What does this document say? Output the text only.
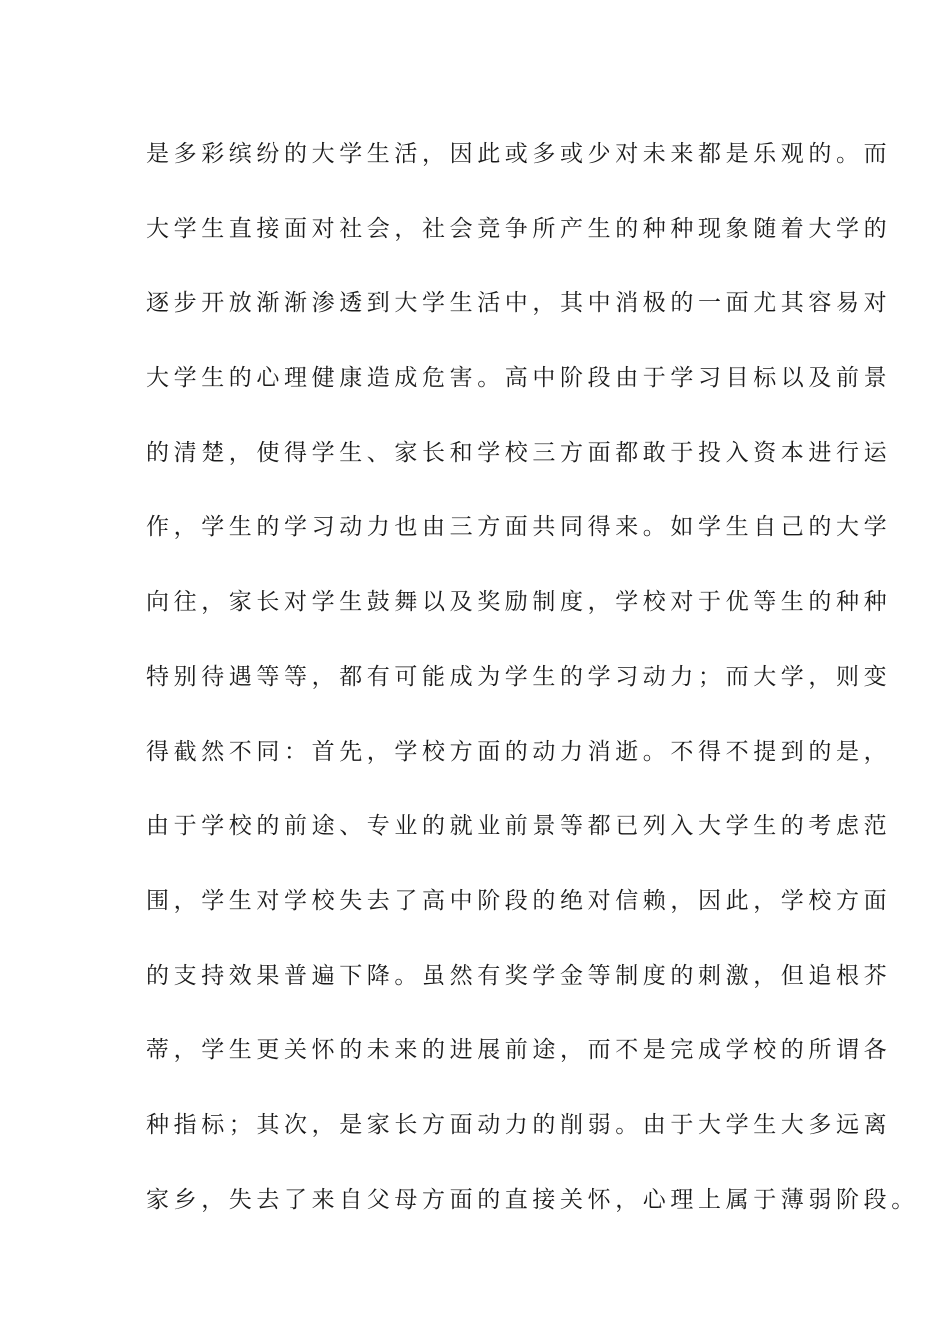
是多彩缤纷的大学生活，因此或多或少对未来都是乐观的。而
大学生直接面对社会，社会竞争所产生的种种现象随着大学的
逐步开放渐渐渗透到大学生活中，其中消极的一面尤其容易对
大学生的心理健康造成危害。高中阶段由于学习目标以及前景
的清楚，使得学生、家长和学校三方面都敢于投入资本进行运
作，学生的学习动力也由三方面共同得来。如学生自己的大学
向往，家长对学生鼓舞以及奖励制度，学校对于优等生的种种
特别待遇等等，都有可能成为学生的学习动力；而大学，则变
得截然不同：首先，学校方面的动力消逝。不得不提到的是，
由于学校的前途、专业的就业前景等都已列入大学生的考虑范
围，学生对学校失去了高中阶段的绝对信赖，因此，学校方面
的支持效果普遍下降。虽然有奖学金等制度的刺激，但追根芥
蒂，学生更关怀的未来的进展前途，而不是完成学校的所谓各
种指标；其次，是家长方面动力的削弱。由于大学生大多远离
家乡，失去了来自父母方面的直接关怀，心理上属于薄弱阶段。
